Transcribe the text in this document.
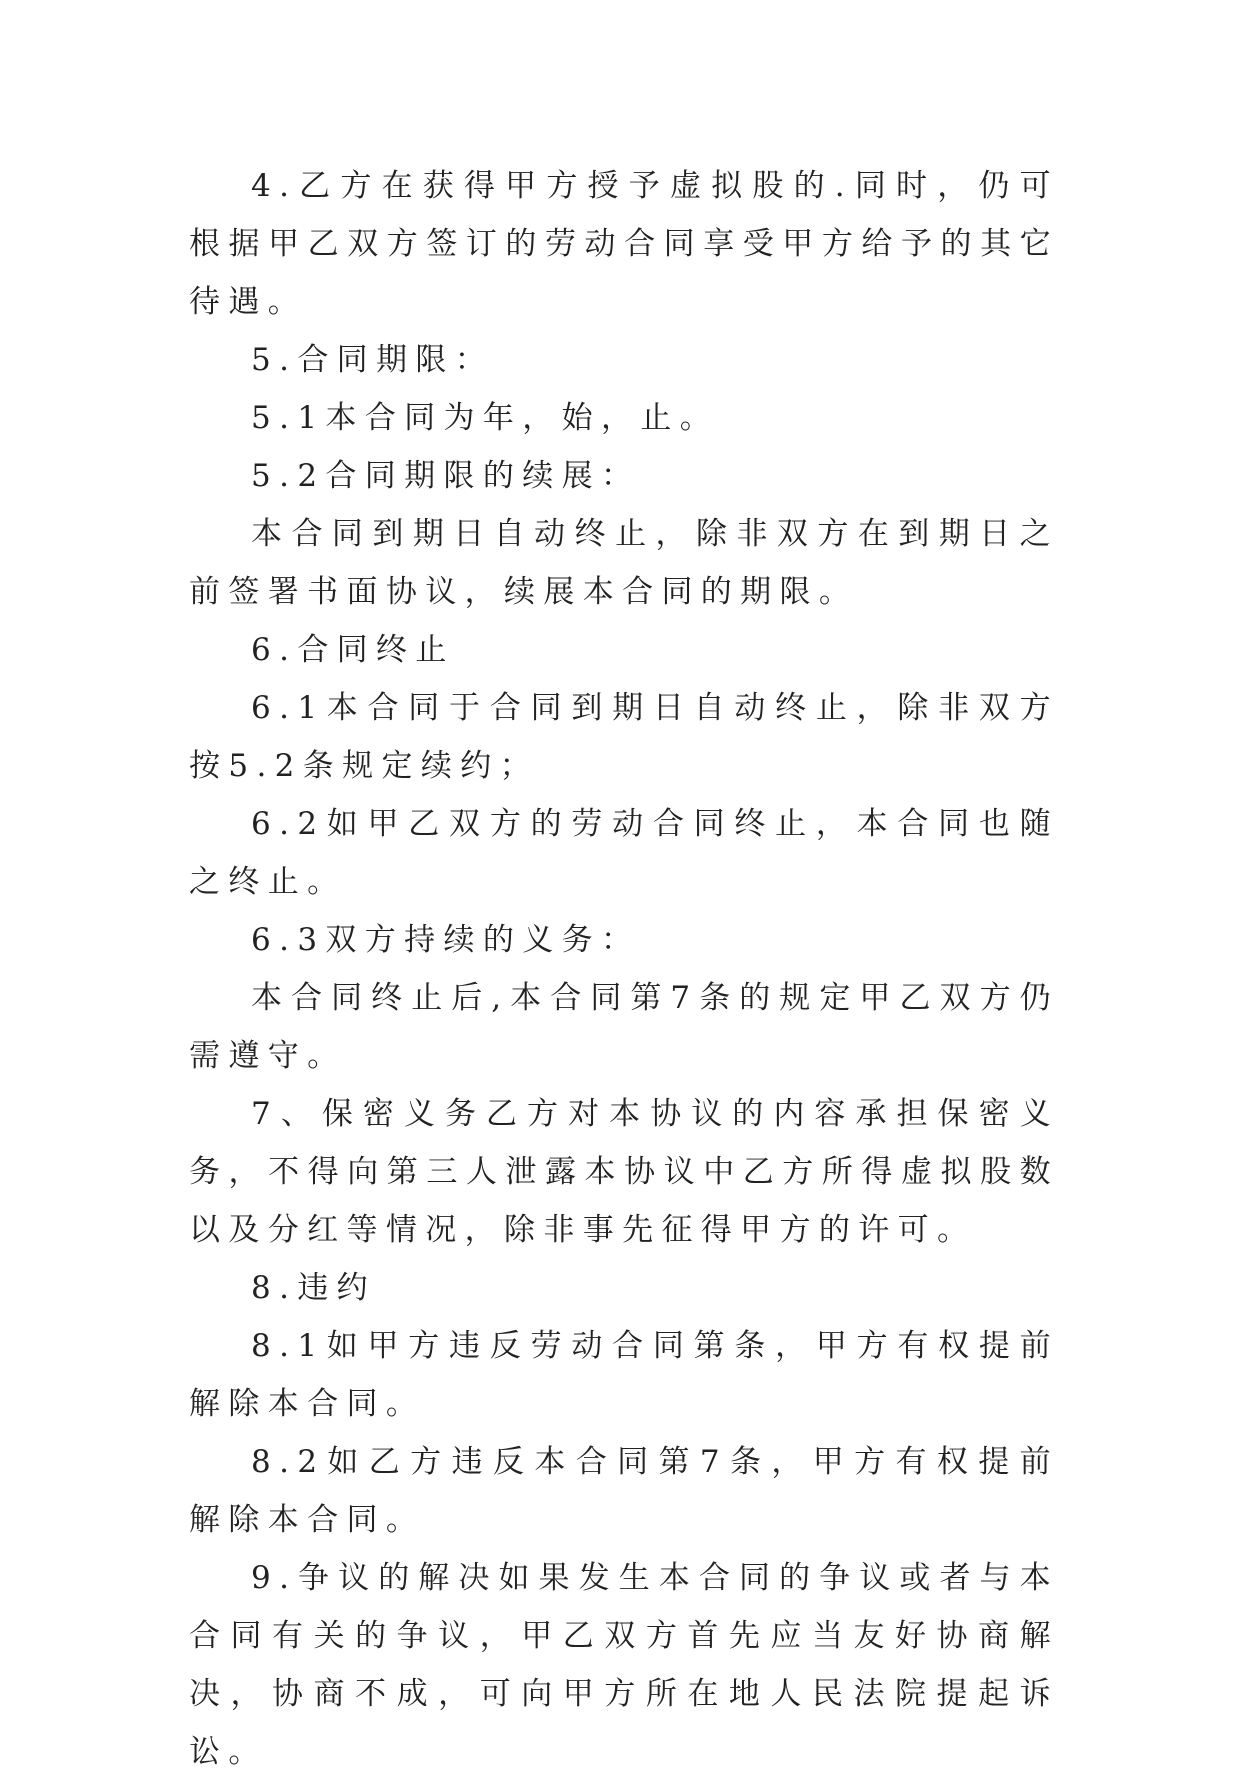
4.乙方在获得甲方授予虚拟股的.同时，仍可根据甲乙双方签订的劳动合同享受甲方给予的其它待遇。

5.合同期限：

5.1本合同为年，始，止。

5.2合同期限的续展：

本合同到期日自动终止，除非双方在到期日之前签署书面协议，续展本合同的期限。

6.合同终止

6.1本合同于合同到期日自动终止，除非双方按5.2条规定续约；

6.2如甲乙双方的劳动合同终止，本合同也随之终止。

6.3双方持续的义务：

本合同终止后,本合同第7条的规定甲乙双方仍需遵守。

7、保密义务乙方对本协议的内容承担保密义务，不得向第三人泄露本协议中乙方所得虚拟股数以及分红等情况，除非事先征得甲方的许可。

8.违约

8.1如甲方违反劳动合同第条，甲方有权提前解除本合同。

8.2如乙方违反本合同第7条，甲方有权提前解除本合同。

9.争议的解决如果发生本合同的争议或者与本合同有关的争议，甲乙双方首先应当友好协商解决，协商不成，可向甲方所在地人民法院提起诉讼。
